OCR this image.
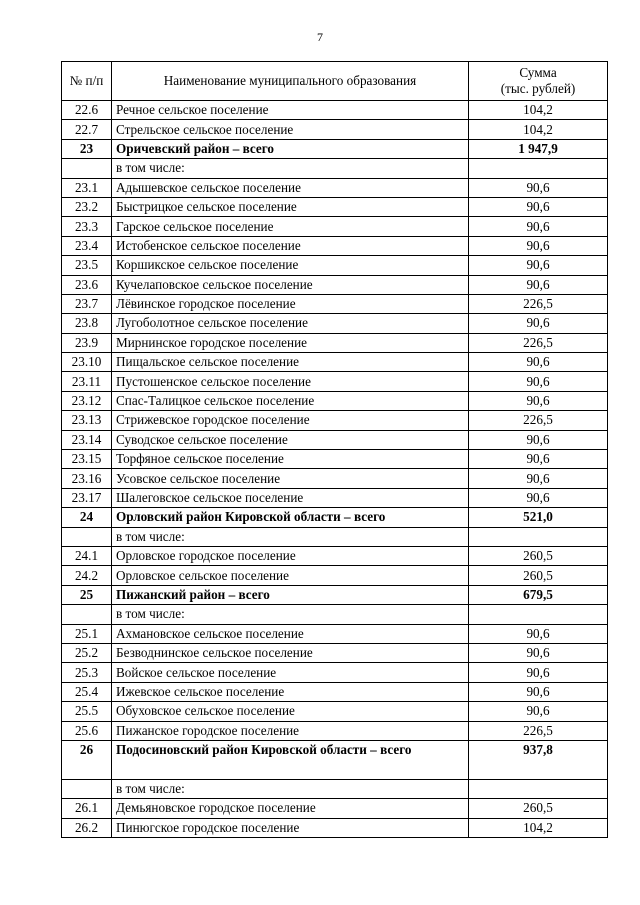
7
№ п/п	Наименование муниципального образования	Сумма
(тыс. рублей)
22.6	Речное сельское поселение	104,2
22.7	Стрельское сельское поселение	104,2
23	Оричевский район – всего	1 947,9
	в том числе:	
23.1	Адышевское сельское поселение	90,6
23.2	Быстрицкое сельское поселение	90,6
23.3	Гарское сельское поселение	90,6
23.4	Истобенское сельское поселение	90,6
23.5	Коршикское сельское поселение	90,6
23.6	Кучелаповское сельское поселение	90,6
23.7	Лёвинское городское поселение	226,5
23.8	Лугоболотное сельское поселение	90,6
23.9	Мирнинское городское поселение	226,5
23.10	Пищальское сельское поселение	90,6
23.11	Пустошенское сельское поселение	90,6
23.12	Спас-Талицкое сельское поселение	90,6
23.13	Стрижевское городское поселение	226,5
23.14	Суводское сельское поселение	90,6
23.15	Торфяное сельское поселение	90,6
23.16	Усовское сельское поселение	90,6
23.17	Шалеговское сельское поселение	90,6
24	Орловский район Кировской области – всего	521,0
	в том числе:	
24.1	Орловское городское поселение	260,5
24.2	Орловское сельское поселение	260,5
25	Пижанский район – всего	679,5
	в том числе:	
25.1	Ахмановское сельское поселение	90,6
25.2	Безводнинское сельское поселение	90,6
25.3	Войское сельское поселение	90,6
25.4	Ижевское сельское поселение	90,6
25.5	Обуховское сельское поселение	90,6
25.6	Пижанское городское поселение	226,5
26	Подосиновский район Кировской области – всего	937,8
	в том числе:	
26.1	Демьяновское городское поселение	260,5
26.2	Пинюгское городское поселение	104,2
